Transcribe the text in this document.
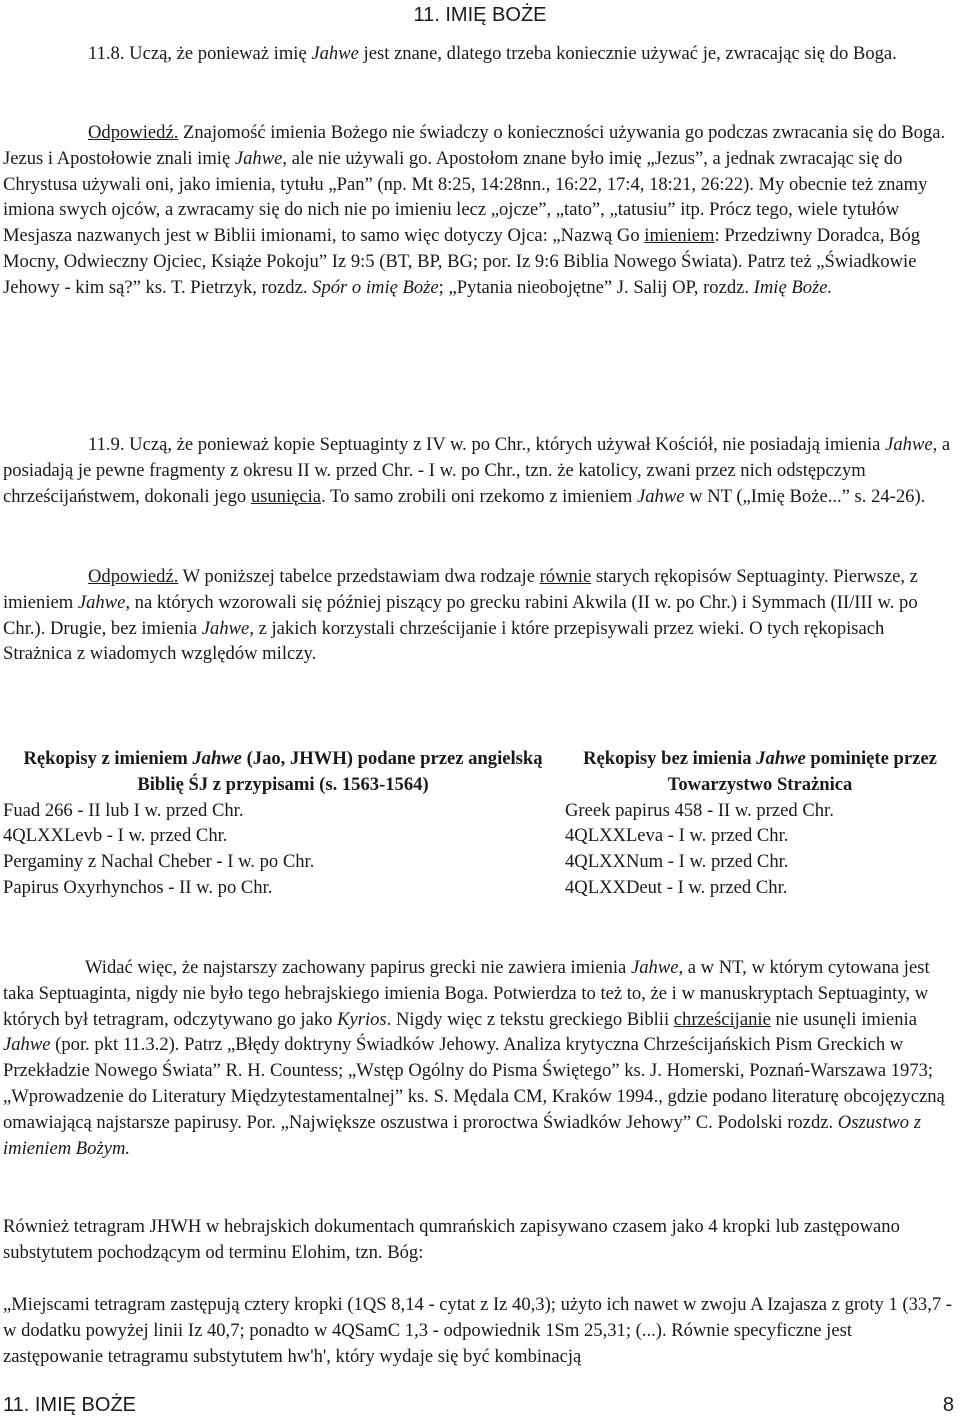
11. IMIĘ BOŻE

11.8. Uczą, że ponieważ imię Jahwe jest znane, dlatego trzeba koniecznie używać je, zwracając się do Boga.

Odpowiedź. Znajomość imienia Bożego nie świadczy o konieczności używania go podczas zwracania się do Boga. Jezus i Apostołowie znali imię Jahwe, ale nie używali go. Apostołom znane było imię „Jezus”, a jednak zwracając się do Chrystusa używali oni, jako imienia, tytułu „Pan” (np. Mt 8:25, 14:28nn., 16:22, 17:4, 18:21, 26:22). My obecnie też znamy imiona swych ojców, a zwracamy się do nich nie po imieniu lecz „ojcze”, „tato”, „tatusiu” itp. Prócz tego, wiele tytułów Mesjasza nazwanych jest w Biblii imionami, to samo więc dotyczy Ojca: „Nazwą Go imieniem: Przedziwny Doradca, Bóg Mocny, Odwieczny Ojciec, Książe Pokoju” Iz 9:5 (BT, BP, BG; por. Iz 9:6 Biblia Nowego Świata). Patrz też „Świadkowie Jehowy - kim są?” ks. T. Pietrzyk, rozdz. Spór o imię Boże; „Pytania nieobojętne” J. Salij OP, rozdz. Imię Boże.

11.9. Uczą, że ponieważ kopie Septuaginty z IV w. po Chr., których używał Kościół, nie posiadają imienia Jahwe, a posiadają je pewne fragmenty z okresu II w. przed Chr. - I w. po Chr., tzn. że katolicy, zwani przez nich odstępczym chrześcijaństwem, dokonali jego usunięcia. To samo zrobili oni rzekomo z imieniem Jahwe w NT („Imię Boże...” s. 24-26).

Odpowiedź. W poniższej tabelce przedstawiam dwa rodzaje równie starych rękopisów Septuaginty. Pierwsze, z imieniem Jahwe, na których wzorowali się później piszący po grecku rabini Akwila (II w. po Chr.) i Symmach (II/III w. po Chr.). Drugie, bez imienia Jahwe, z jakich korzystali chrześcijanie i które przepisywali przez wieki. O tych rękopisach Strażnica z wiadomych względów milczy.

Rękopisy z imieniem Jahwe (Jao, JHWH) podane przez angielską Biblię ŚJ z przypisami (s. 1563-1564)
Fuad 266 - II lub I w. przed Chr.
4QLXXLevb - I w. przed Chr.
Pergaminy z Nachal Cheber - I w. po Chr.
Papirus Oxyrhynchos - II w. po Chr.
Rękopisy bez imienia Jahwe pominięte przez Towarzystwo Strażnica
Greek papirus 458 - II w. przed Chr.
4QLXXLeva - I w. przed Chr.
4QLXXNum - I w. przed Chr.
4QLXXDeut - I w. przed Chr.

Widać więc, że najstarszy zachowany papirus grecki nie zawiera imienia Jahwe, a w NT, w którym cytowana jest taka Septuaginta, nigdy nie było tego hebrajskiego imienia Boga. Potwierdza to też to, że i w manuskryptach Septuaginty, w których był tetragram, odczytywano go jako Kyrios. Nigdy więc z tekstu greckiego Biblii chrześcijanie nie usunęli imienia Jahwe (por. pkt 11.3.2). Patrz „Błędy doktryny Świadków Jehowy. Analiza krytyczna Chrześcijańskich Pism Greckich w Przekładzie Nowego Świata” R. H. Countess; „Wstęp Ogólny do Pisma Świętego” ks. J. Homerski, Poznań-Warszawa 1973; „Wprowadzenie do Literatury Międzytestamentalnej” ks. S. Mędala CM, Kraków 1994., gdzie podano literaturę obcojęzyczną omawiającą najstarsze papirusy. Por. „Największe oszustwa i proroctwa Świadków Jehowy” C. Podolski rozdz. Oszustwo z imieniem Bożym.

Również tetragram JHWH w hebrajskich dokumentach qumrańskich zapisywano czasem jako 4 kropki lub zastępowano substytutem pochodzącym od terminu Elohim, tzn. Bóg:

„Miejscami tetragram zastępują cztery kropki (1QS 8,14 - cytat z Iz 40,3); użyto ich nawet w zwoju A Izajasza z groty 1 (33,7 - w dodatku powyżej linii Iz 40,7; ponadto w 4QSamC 1,3 - odpowiednik 1Sm 25,31; (...). Równie specyficzne jest zastępowanie tetragramu substytutem hw'h', który wydaje się być kombinacją

11. IMIĘ BOŻE	8
